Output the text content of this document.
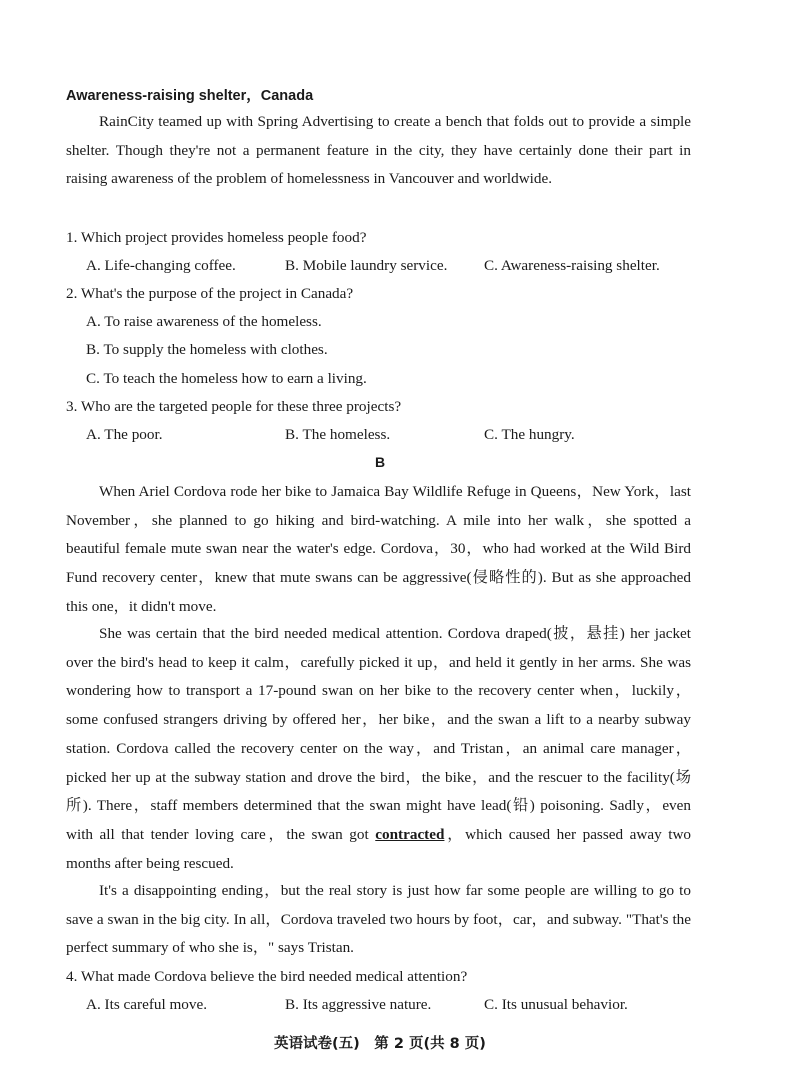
Awareness-raising shelter，Canada

RainCity teamed up with Spring Advertising to create a bench that folds out to provide a simple shelter. Though they're not a permanent feature in the city, they have certainly done their part in raising awareness of the problem of homelessness in Vancouver and worldwide.

1. Which project provides homeless people food?
A. Life-changing coffee.	B. Mobile laundry service. C. Awareness-raising shelter.
2. What's the purpose of the project in Canada?
A. To raise awareness of the homeless.
B. To supply the homeless with clothes.
C. To teach the homeless how to earn a living.
3. Who are the targeted people for these three projects?
A. The poor.	B. The homeless.	C. The hungry.
B

When Ariel Cordova rode her bike to Jamaica Bay Wildlife Refuge in Queens，New York，last November，she planned to go hiking and bird-watching. A mile into her walk，she spotted a beautiful female mute swan near the water's edge. Cordova，30，who had worked at the Wild Bird Fund recovery center，knew that mute swans can be aggressive(侵略性的). But as she approached this one，it didn't move.

She was certain that the bird needed medical attention. Cordova draped(披，悬挂) her jacket over the bird's head to keep it calm，carefully picked it up，and held it gently in her arms. She was wondering how to transport a 17-pound swan on her bike to the recovery center when，luckily，some confused strangers driving by offered her，her bike，and the swan a lift to a nearby subway station. Cordova called the recovery center on the way，and Tristan，an animal care manager，picked her up at the subway station and drove the bird，the bike，and the rescuer to the facility(场所). There，staff members determined that the swan might have lead(铅) poisoning. Sadly，even with all that tender loving care，the swan got contracted，which caused her passed away two months after being rescued.

It's a disappointing ending，but the real story is just how far some people are willing to go to save a swan in the big city. In all，Cordova traveled two hours by foot，car，and subway. "That's the perfect summary of who she is，" says Tristan.

4. What made Cordova believe the bird needed medical attention?
A. Its careful move.	B. Its aggressive nature.	C. Its unusual behavior.
英语试卷(五)　第 2 页(共 8 页)
